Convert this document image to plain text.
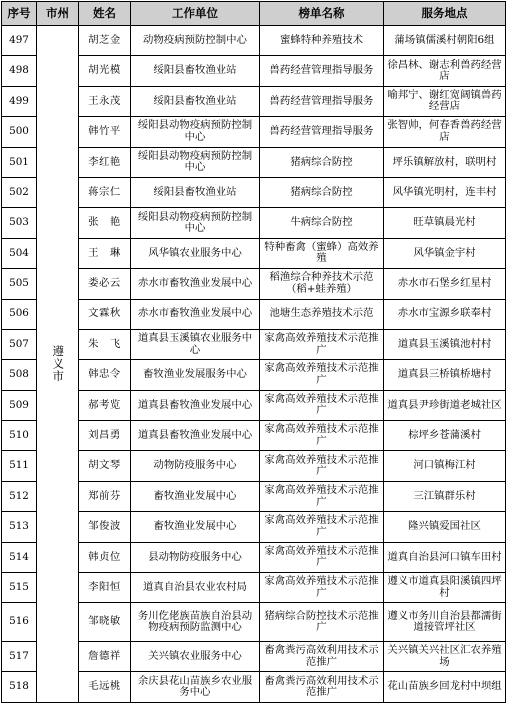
序号	市州	姓名	工作单位	榜单名称	服务地点
497	遵义市	胡芝金	动物疫病预防控制中心	蜜蜂特种养殖技术	蒲场镇儒溪村朝阳6组
498		胡光模	绥阳县畜牧渔业站	兽药经营管理指导服务	徐昌林、谢志利兽药经营店
499		王永茂	绥阳县畜牧渔业站	兽药经营管理指导服务	喻邦宁、谢红宽阔镇兽药经营店
500		韩竹平	绥阳县动物疫病预防控制中心	兽药经营管理指导服务	张智帅，何春香兽药经营店
501		李红艳	绥阳县动物疫病预防控制中心	猪病综合防控	坪乐镇解放村，联明村
502		蒋宗仁	绥阳县畜牧渔业站	猪病综合防控	风华镇光明村，连丰村
503		张　艳	绥阳县动物疫病预防控制中心	牛病综合防控	旺草镇晨光村
504		王　琳	风华镇农业服务中心	特种畜禽（蜜蜂）高效养殖	风华镇金宇村
505		娄必云	赤水市畜牧渔业发展中心	稻渔综合种养技术示范（稻+蛙养殖）	赤水市石堡乡红星村
506		文霖秋	赤水市畜牧渔业发展中心	池塘生态养殖技术示范	赤水市宝源乡联奉村
507		朱　飞	道真县玉溪镇农业服务中心	家禽高效养殖技术示范推广	道真县玉溪镇池村村
508		韩忠令	畜牧渔业发展服务中心	家禽高效养殖技术示范推广	道真县三桥镇桥塘村
509		郝考览	道真县畜牧渔业发展中心	家禽高效养殖技术示范推广	道真县尹珍街道老城社区
510		刘昌勇	道真县畜牧渔业发展中心	家禽高效养殖技术示范推广	棕坪乡苍蒲溪村
511		胡文琴	动物防疫服务中心	家禽高效养殖技术示范推广	河口镇梅江村
512		郑前芬	畜牧渔业发展中心	家禽高效养殖技术示范推广	三江镇群乐村
513		邹俊波	畜牧渔业发展中心	家禽高效养殖技术示范推广	隆兴镇爱国社区
514		韩贞位	县动物防疫服务中心	家禽高效养殖技术示范推广	道真自治县河口镇车田村
515		李阳恒	道真自治县农业农村局	家禽高效养殖技术示范推广	遵义市道真县阳溪镇四坪村
516		邹晓敏	务川仡佬族苗族自治县动物疫病预防监测中心	猪病综合防控技术示范推广	遵义市务川自治县都濡街道接管坪社区
517		詹德祥	关兴镇农业服务中心	畜禽粪污高效利用技术示范推广	关兴镇关兴社区汇农养殖场
518		毛远桃	余庆县花山苗族乡农业服务中心	畜禽粪污高效利用技术示范推广	花山苗族乡回龙村中坝组
